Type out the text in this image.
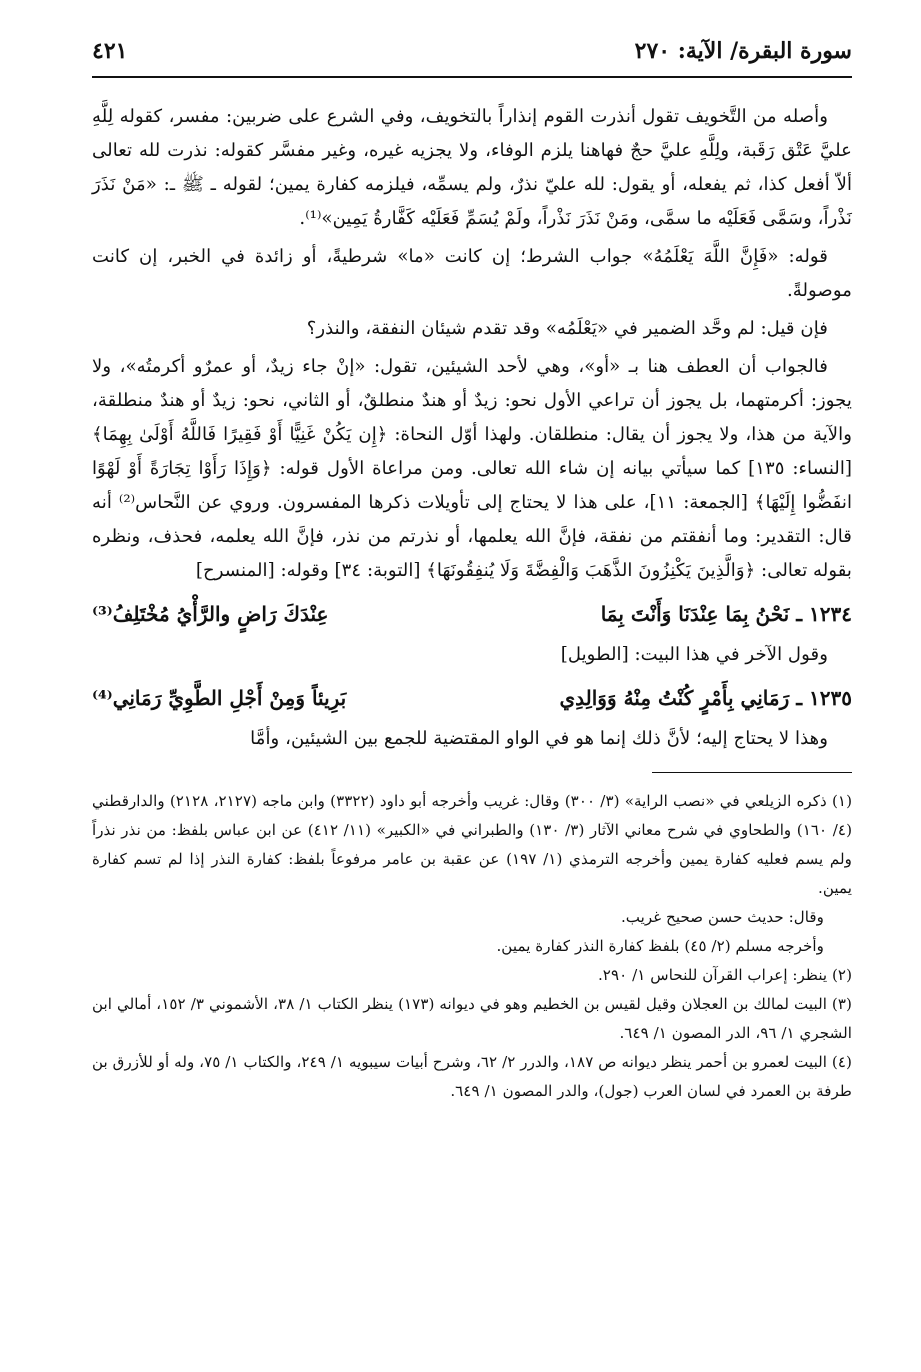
سورة البقرة/ الآية: ٢٧٠
٤٢١

وأصله من التَّخويف تقول أنذرت القوم إنذاراً بالتخويف، وفي الشرع على ضربين: مفسر، كقوله لِلَّهِ عليَّ عَتْق رَقَبة، ولِلَّهِ عليَّ حجٌ فهاهنا يلزم الوفاء، ولا يجزيه غيره، وغير مفسَّر كقوله: نذرت لله تعالى ألاّ أفعل كذا، ثم يفعله، أو يقول: لله عليّ نذرٌ، ولم يسمِّه، فيلزمه كفارة يمين؛ لقوله ـ ﷺ ـ: «مَنْ نَذَرَ نَذْراً، وسَمَّى فَعَلَيْه ما سمَّى، ومَنْ نَذَرَ نَذْراً، ولَمْ يُسَمِّ فَعَلَيْه كَفَّارةُ يَمِين»⁽¹⁾.

قوله: «فَإِنَّ اللَّهَ يَعْلَمُهُ» جواب الشرط؛ إن كانت «ما» شرطيةً، أو زائدة في الخبر، إن كانت موصولةً.

فإن قيل: لم وحَّد الضمير في «يَعْلَمُه» وقد تقدم شيئان النفقة، والنذر؟

فالجواب أن العطف هنا بـ «أو»، وهي لأحد الشيئين، تقول: «إنْ جاء زيدٌ، أو عمرٌو أكرمتُه»، ولا يجوز: أكرمتهما، بل يجوز أن تراعي الأول نحو: زيدٌ أو هندٌ منطلقٌ، أو الثاني، نحو: زيدٌ أو هندٌ منطلقة، والآية من هذا، ولا يجوز أن يقال: منطلقان. ولهذا أوّل النحاة: ﴿إِن يَكُنْ غَنِيًّا أَوْ فَقِيرًا فَاللَّهُ أَوْلَىٰ بِهِمَا﴾ [النساء: ١٣٥] كما سيأتي بيانه إن شاء الله تعالى. ومن مراعاة الأول قوله: ﴿وَإِذَا رَأَوْا تِجَارَةً أَوْ لَهْوًا انفَضُّوا إِلَيْهَا﴾ [الجمعة: ١١]، على هذا لا يحتاج إلى تأويلات ذكرها المفسرون. وروي عن النَّحاس⁽²⁾ أنه قال: التقدير: وما أنفقتم من نفقة، فإنَّ الله يعلمها، أو نذرتم من نذر، فإنَّ الله يعلمه، فحذف، ونظره بقوله تعالى: ﴿وَالَّذِينَ يَكْنِزُونَ الذَّهَبَ وَالْفِضَّةَ وَلَا يُنفِقُونَهَا﴾ [التوبة: ٣٤] وقوله: [المنسرح]

١٢٣٤ ـ نَحْنُ بِمَا عِنْدَنَا وَأَنْتَ بِمَا
عِنْدَكَ رَاضٍ والرَّأْيُ مُخْتَلِفُ⁽³⁾

وقول الآخر في هذا البيت: [الطويل]

١٢٣٥ ـ رَمَانِي بِأَمْرٍ كُنْتُ مِنْهُ وَوَالِدِي
بَرِيئاً وَمِنْ أَجْلِ الطَّوِيِّ رَمَانِي⁽⁴⁾

وهذا لا يحتاج إليه؛ لأنَّ ذلك إنما هو في الواو المقتضية للجمع بين الشيئين، وأمَّا

(١) ذكره الزيلعي في «نصب الراية» (٣/ ٣٠٠) وقال: غريب وأخرجه أبو داود (٣٣٢٢) وابن ماجه (٢١٢٧، ٢١٢٨) والدارقطني (٤/ ١٦٠) والطحاوي في شرح معاني الآثار (٣/ ١٣٠) والطبراني في «الكبير» (١١/ ٤١٢) عن ابن عباس بلفظ: من نذر نذراً ولم يسم فعليه كفارة يمين وأخرجه الترمذي (١/ ١٩٧) عن عقبة بن عامر مرفوعاً بلفظ: كفارة النذر إذا لم تسم كفارة يمين.

وقال: حديث حسن صحيح غريب.

وأخرجه مسلم (٢/ ٤٥) بلفظ كفارة النذر كفارة يمين.

(٢) ينظر: إعراب القرآن للنحاس ١/ ٢٩٠.

(٣) البيت لمالك بن العجلان وقيل لقيس بن الخطيم وهو في ديوانه (١٧٣) ينظر الكتاب ١/ ٣٨، الأشموني ٣/ ١٥٢، أمالي ابن الشجري ١/ ٩٦، الدر المصون ١/ ٦٤٩.

(٤) البيت لعمرو بن أحمر ينظر ديوانه ص ١٨٧، والدرر ٢/ ٦٢، وشرح أبيات سيبويه ١/ ٢٤٩، والكتاب ١/ ٧٥، وله أو للأزرق بن طرفة بن العمرد في لسان العرب (جول)، والدر المصون ١/ ٦٤٩.
